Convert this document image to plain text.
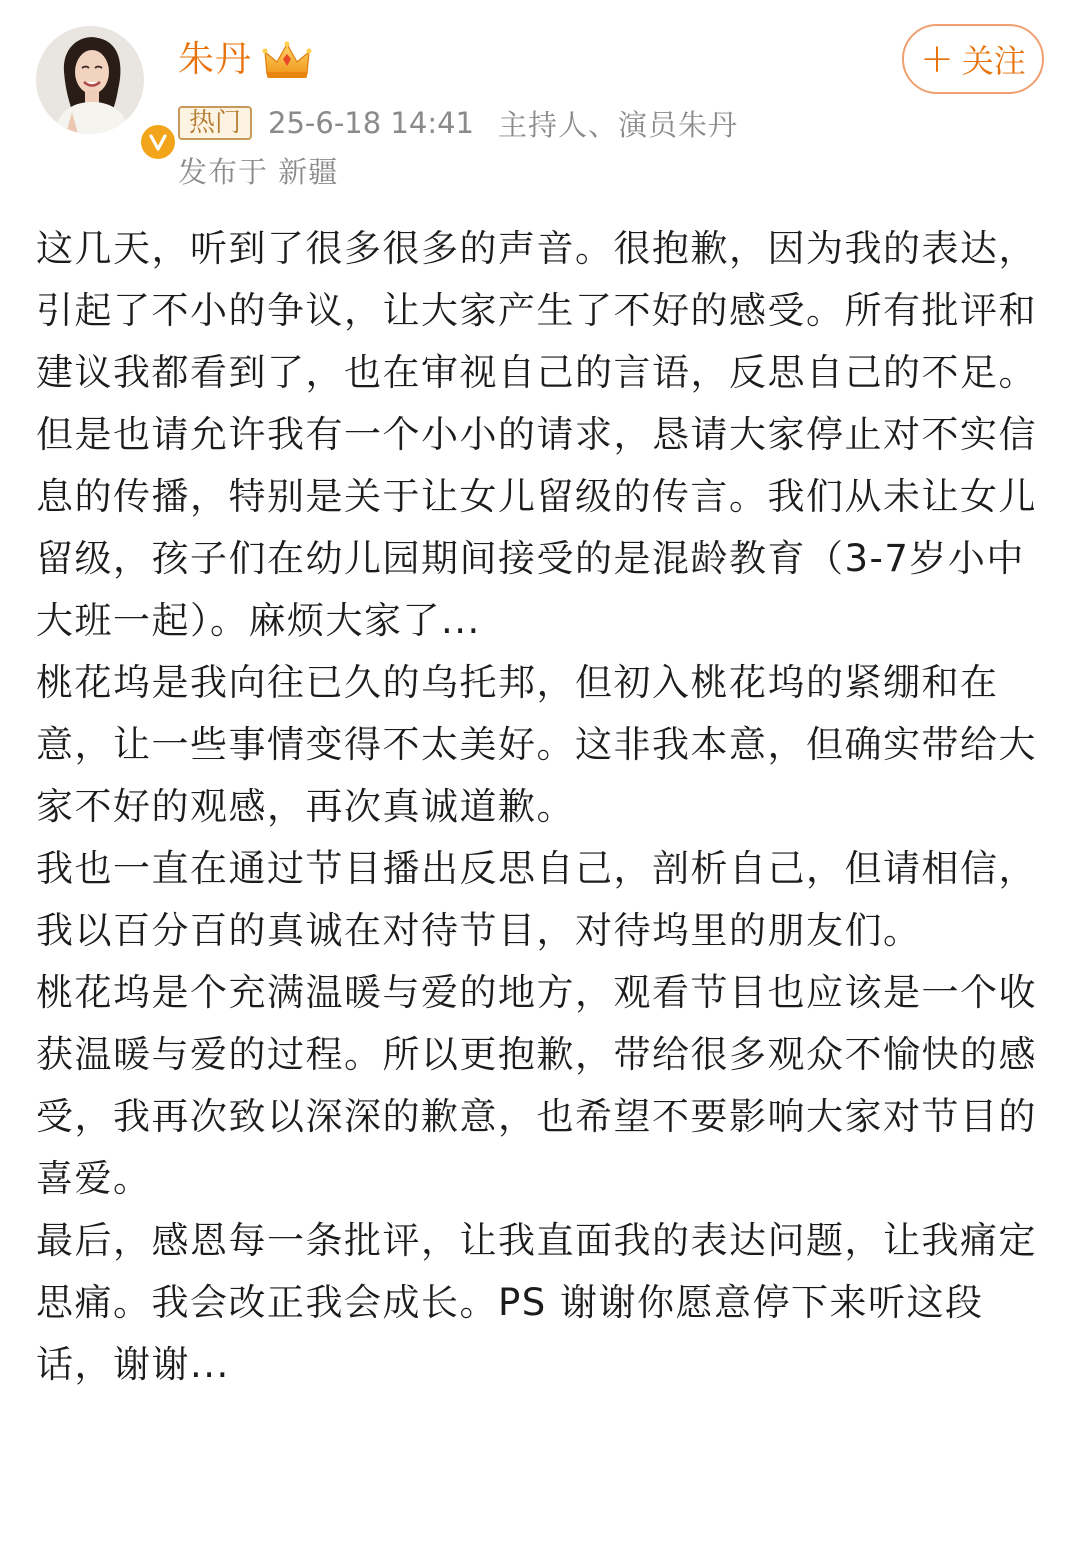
朱丹	+ 关注
热门 25-6-18 14:41 主持人、演员朱丹
发布于 新疆

这几天，听到了很多很多的声音。很抱歉，因为我的表达，引起了不小的争议，让大家产生了不好的感受。所有批评和建议我都看到了，也在审视自己的言语，反思自己的不足。

但是也请允许我有一个小小的请求，恳请大家停止对不实信息的传播，特别是关于让女儿留级的传言。我们从未让女儿留级，孩子们在幼儿园期间接受的是混龄教育（3-7岁小中大班一起）。麻烦大家了...

桃花坞是我向往已久的乌托邦，但初入桃花坞的紧绷和在意，让一些事情变得不太美好。这非我本意，但确实带给大家不好的观感，再次真诚道歉。

我也一直在通过节目播出反思自己，剖析自己，但请相信，我以百分百的真诚在对待节目，对待坞里的朋友们。

桃花坞是个充满温暖与爱的地方，观看节目也应该是一个收获温暖与爱的过程。所以更抱歉，带给很多观众不愉快的感受，我再次致以深深的歉意，也希望不要影响大家对节目的喜爱。

最后，感恩每一条批评，让我直面我的表达问题，让我痛定思痛。我会改正我会成长。PS 谢谢你愿意停下来听这段话，谢谢...
